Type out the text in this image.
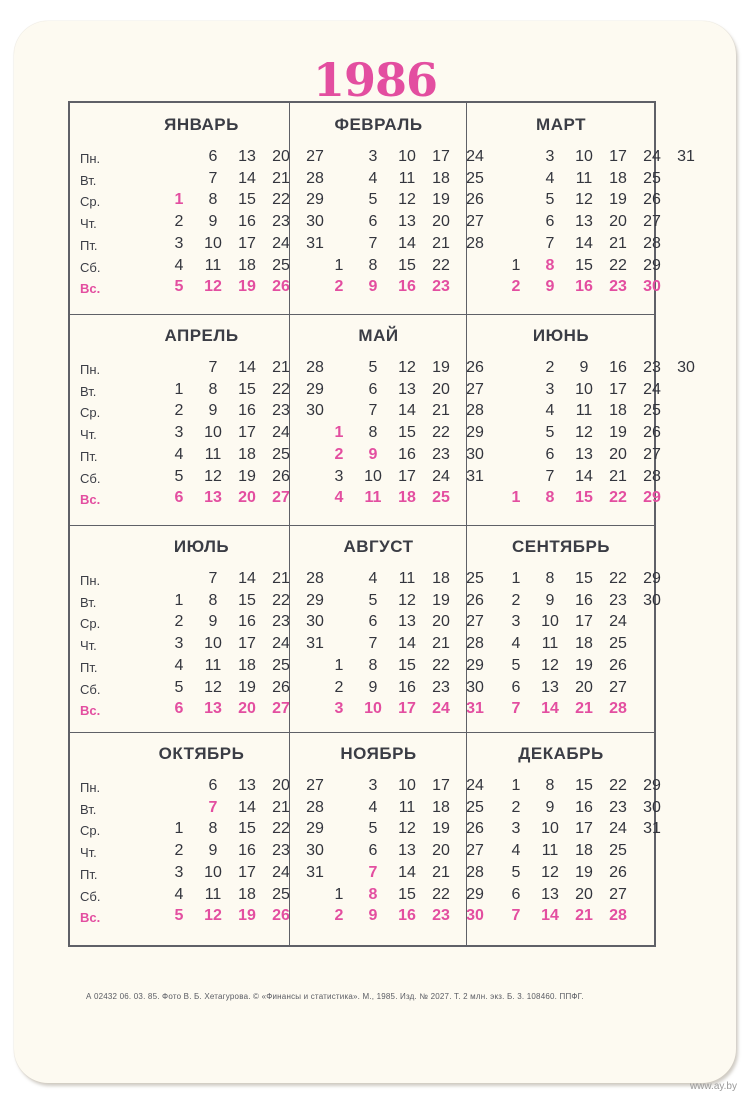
1986
ЯНВАРЬ
Пн.
Вт.
Ср.
Чт.
Пт.
Сб.
Вс.
1
2
3
4
5
6
7
8
9
10
11
12
13
14
15
16
17
18
19
20
21
22
23
24
25
26
27
28
29
30
31
ФЕВРАЛЬ
1
2
3
4
5
6
7
8
9
10
11
12
13
14
15
16
17
18
19
20
21
22
23
24
25
26
27
28
МАРТ
1
2
3
4
5
6
7
8
9
10
11
12
13
14
15
16
17
18
19
20
21
22
23
24
25
26
27
28
29
30
31
АПРЕЛЬ
Пн.
Вт.
Ср.
Чт.
Пт.
Сб.
Вс.
1
2
3
4
5
6
7
8
9
10
11
12
13
14
15
16
17
18
19
20
21
22
23
24
25
26
27
28
29
30
МАЙ
1
2
3
4
5
6
7
8
9
10
11
12
13
14
15
16
17
18
19
20
21
22
23
24
25
26
27
28
29
30
31
ИЮНЬ
1
2
3
4
5
6
7
8
9
10
11
12
13
14
15
16
17
18
19
20
21
22
23
24
25
26
27
28
29
30
ИЮЛЬ
Пн.
Вт.
Ср.
Чт.
Пт.
Сб.
Вс.
1
2
3
4
5
6
7
8
9
10
11
12
13
14
15
16
17
18
19
20
21
22
23
24
25
26
27
28
29
30
31
АВГУСТ
1
2
3
4
5
6
7
8
9
10
11
12
13
14
15
16
17
18
19
20
21
22
23
24
25
26
27
28
29
30
31
СЕНТЯБРЬ
1
2
3
4
5
6
7
8
9
10
11
12
13
14
15
16
17
18
19
20
21
22
23
24
25
26
27
28
29
30
ОКТЯБРЬ
Пн.
Вт.
Ср.
Чт.
Пт.
Сб.
Вс.
1
2
3
4
5
6
7
8
9
10
11
12
13
14
15
16
17
18
19
20
21
22
23
24
25
26
27
28
29
30
31
НОЯБРЬ
1
2
3
4
5
6
7
8
9
10
11
12
13
14
15
16
17
18
19
20
21
22
23
24
25
26
27
28
29
30
ДЕКАБРЬ
1
2
3
4
5
6
7
8
9
10
11
12
13
14
15
16
17
18
19
20
21
22
23
24
25
26
27
28
29
30
31
А 02432 06. 03. 85. Фото В. Б. Хетагурова. © «Финансы и статистика». М., 1985. Изд. № 2027. Т. 2 млн. экз. Б. 3. 108460. ППФГ.
www.ay.by
